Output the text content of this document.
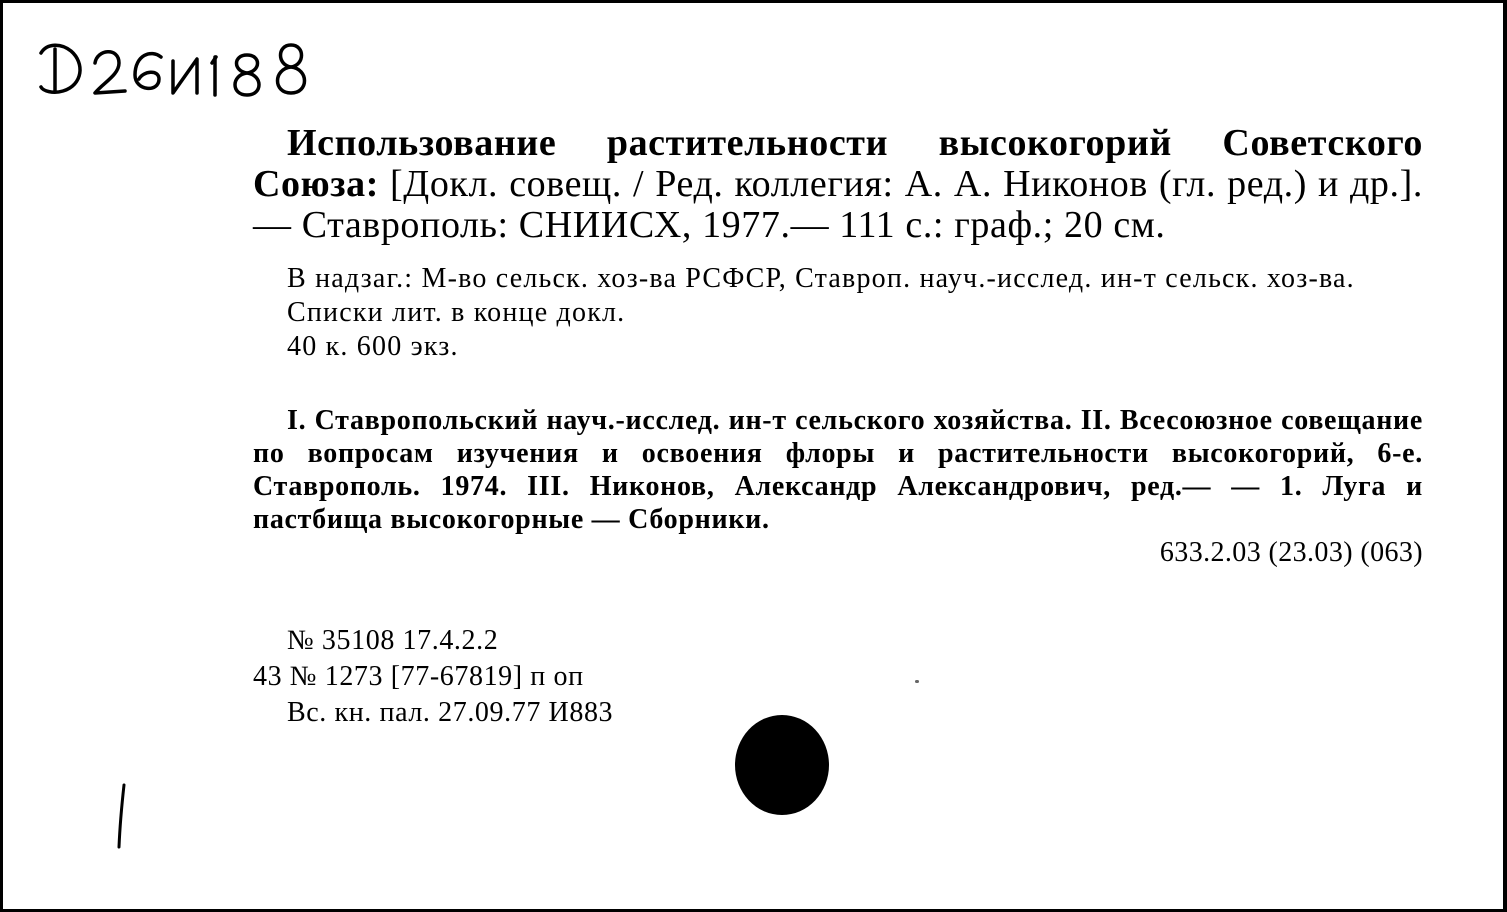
Использование растительности высокогорий Советского Союза: [Докл. совещ. / Ред. коллегия: А. А. Никонов (гл. ред.) и др.].— Ставрополь: СНИИСХ, 1977.— 111 с.: граф.; 20 см.
В надзаг.: М-во сельск. хоз-ва РСФСР, Ставроп. науч.-исслед. ин-т сельск. хоз-ва.
Списки лит. в конце докл.
40 к. 600 экз.
I. Ставропольский науч.-исслед. ин-т сельского хозяйства. II. Всесоюзное совещание по вопросам изучения и освоения флоры и растительности высокогорий, 6-е. Ставрополь. 1974. III. Никонов, Александр Александрович, ред.— — 1. Луга и пастбища высокогорные — Сборники.
633.2.03 (23.03) (063)
№ 35108 17.4.2.2
43 № 1273 [77-67819] п оп
Вс. кн. пал. 27.09.77 И883
